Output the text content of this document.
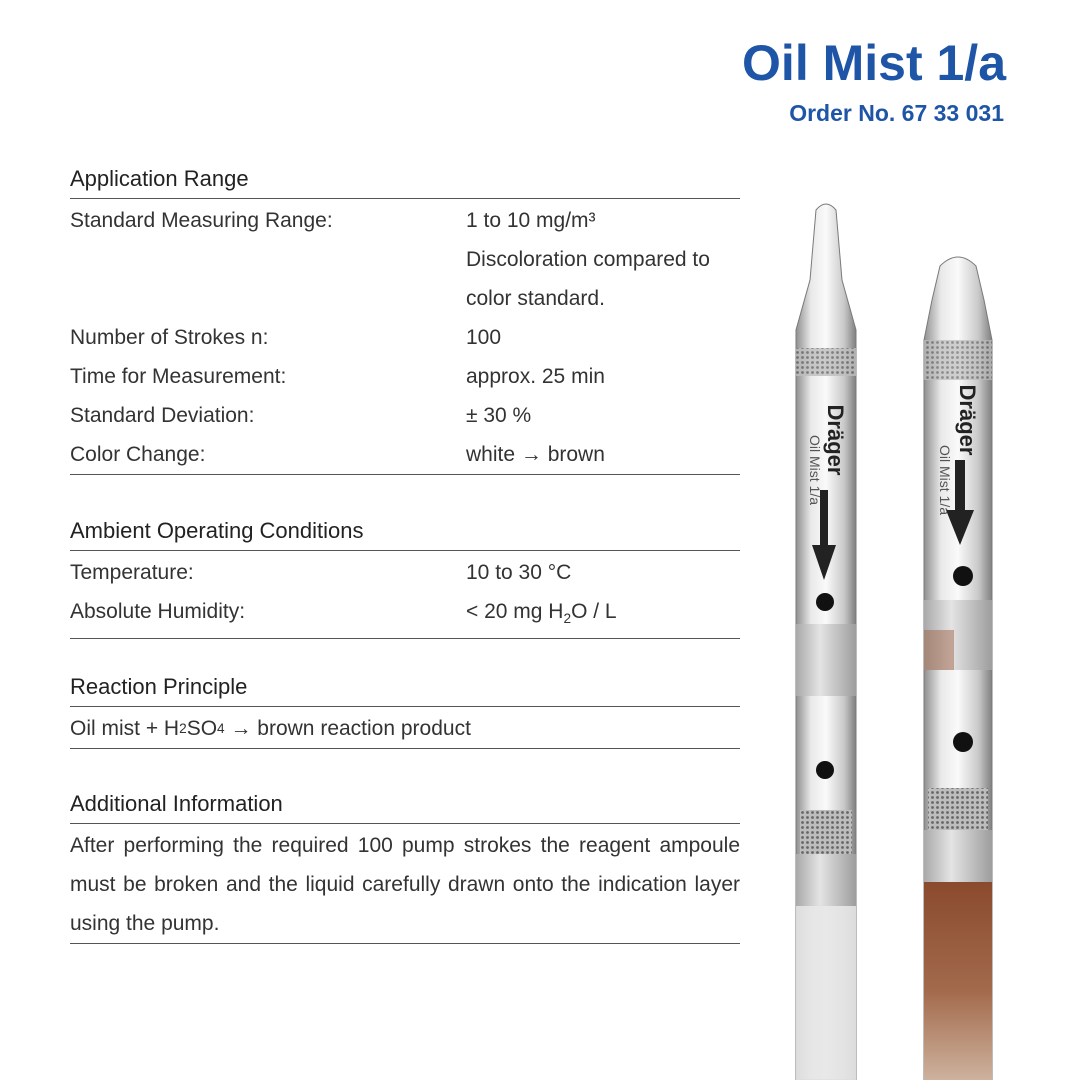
Oil Mist 1/a
Order No. 67 33 031
Application Range
Standard Measuring Range:	1 to 10 mg/m³
Discoloration compared to
color standard.
Number of Strokes n:	100
Time for Measurement:	approx. 25 min
Standard Deviation:	± 30 %
Color Change:	white → brown
Ambient Operating Conditions
Temperature:	10 to 30 °C
Absolute Humidity:	< 20 mg $H_2O$ / L
Reaction Principle
Oil mist + H 2 SO 4 → brown reaction product
Additional Information
After performing the required 100 pump strokes the reagent ampoule must be broken and the liquid carefully drawn onto the indication layer using the pump.
Dräger
Oil Mist 1/a
Dräger
Oil Mist 1/a
